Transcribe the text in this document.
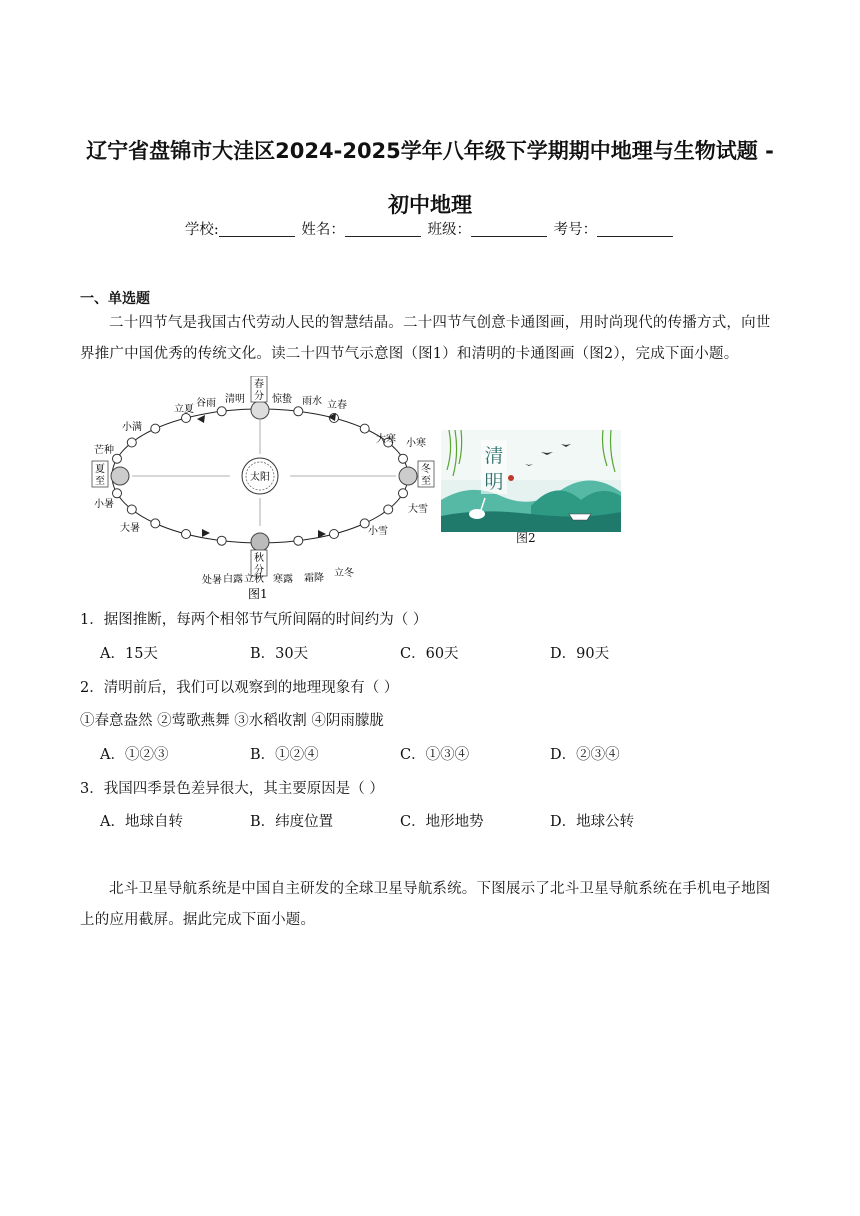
辽宁省盘锦市大洼区2024-2025学年八年级下学期期中地理与生物试题 -
初中地理
学校:	姓名：	班级：	考号：
一、单选题
二十四节气是我国古代劳动人民的智慧结晶。二十四节气创意卡通图画，用时尚现代的传播方式，向世界推广中国优秀的传统文化。读二十四节气示意图（图1）和清明的卡通图画（图2），完成下面小题。
太阳
春
分
夏
至
秋
分
冬
至
立夏
谷雨 清明	惊蛰 雨水 立春
立秋
处暑 白露	寒露 霜降 立冬
小满
芒种
小暑
大暑
大寒 小寒
大雪
小雪
图1
清
明
图2
1．据图推断，每两个相邻节气所间隔的时间约为（ ）
A．15天	B．30天	C．60天	D．90天
2．清明前后，我们可以观察到的地理现象有（ ）
①春意盎然 ②莺歌燕舞 ③水稻收割 ④阴雨朦胧
A．①②③	B．①②④	C．①③④	D．②③④
3．我国四季景色差异很大，其主要原因是（ ）
A．地球自转	B．纬度位置	C．地形地势	D．地球公转
北斗卫星导航系统是中国自主研发的全球卫星导航系统。下图展示了北斗卫星导航系统在手机电子地图上的应用截屏。据此完成下面小题。
